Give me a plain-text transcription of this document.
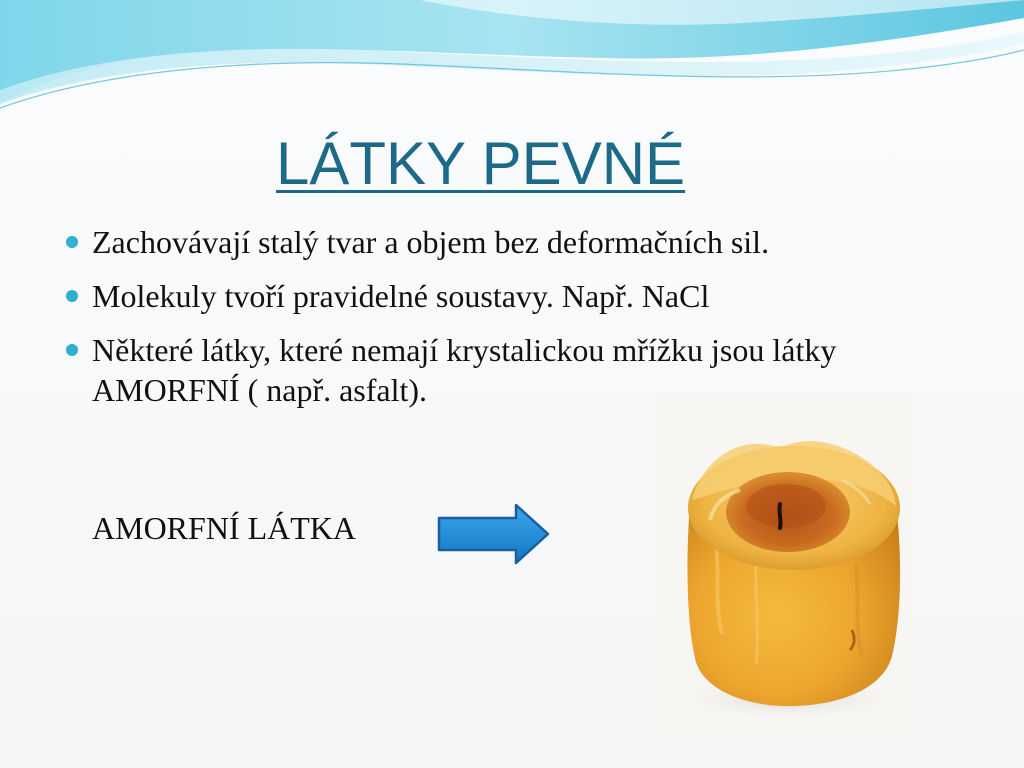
LÁTKY PEVNÉ
Zachovávají stalý tvar a objem bez deformačních sil.
Molekuly tvoří pravidelné soustavy. Např. NaCl
Některé látky, které nemají krystalickou mřížku jsou látky AMORFNÍ ( např. asfalt).
AMORFNÍ LÁTKA
